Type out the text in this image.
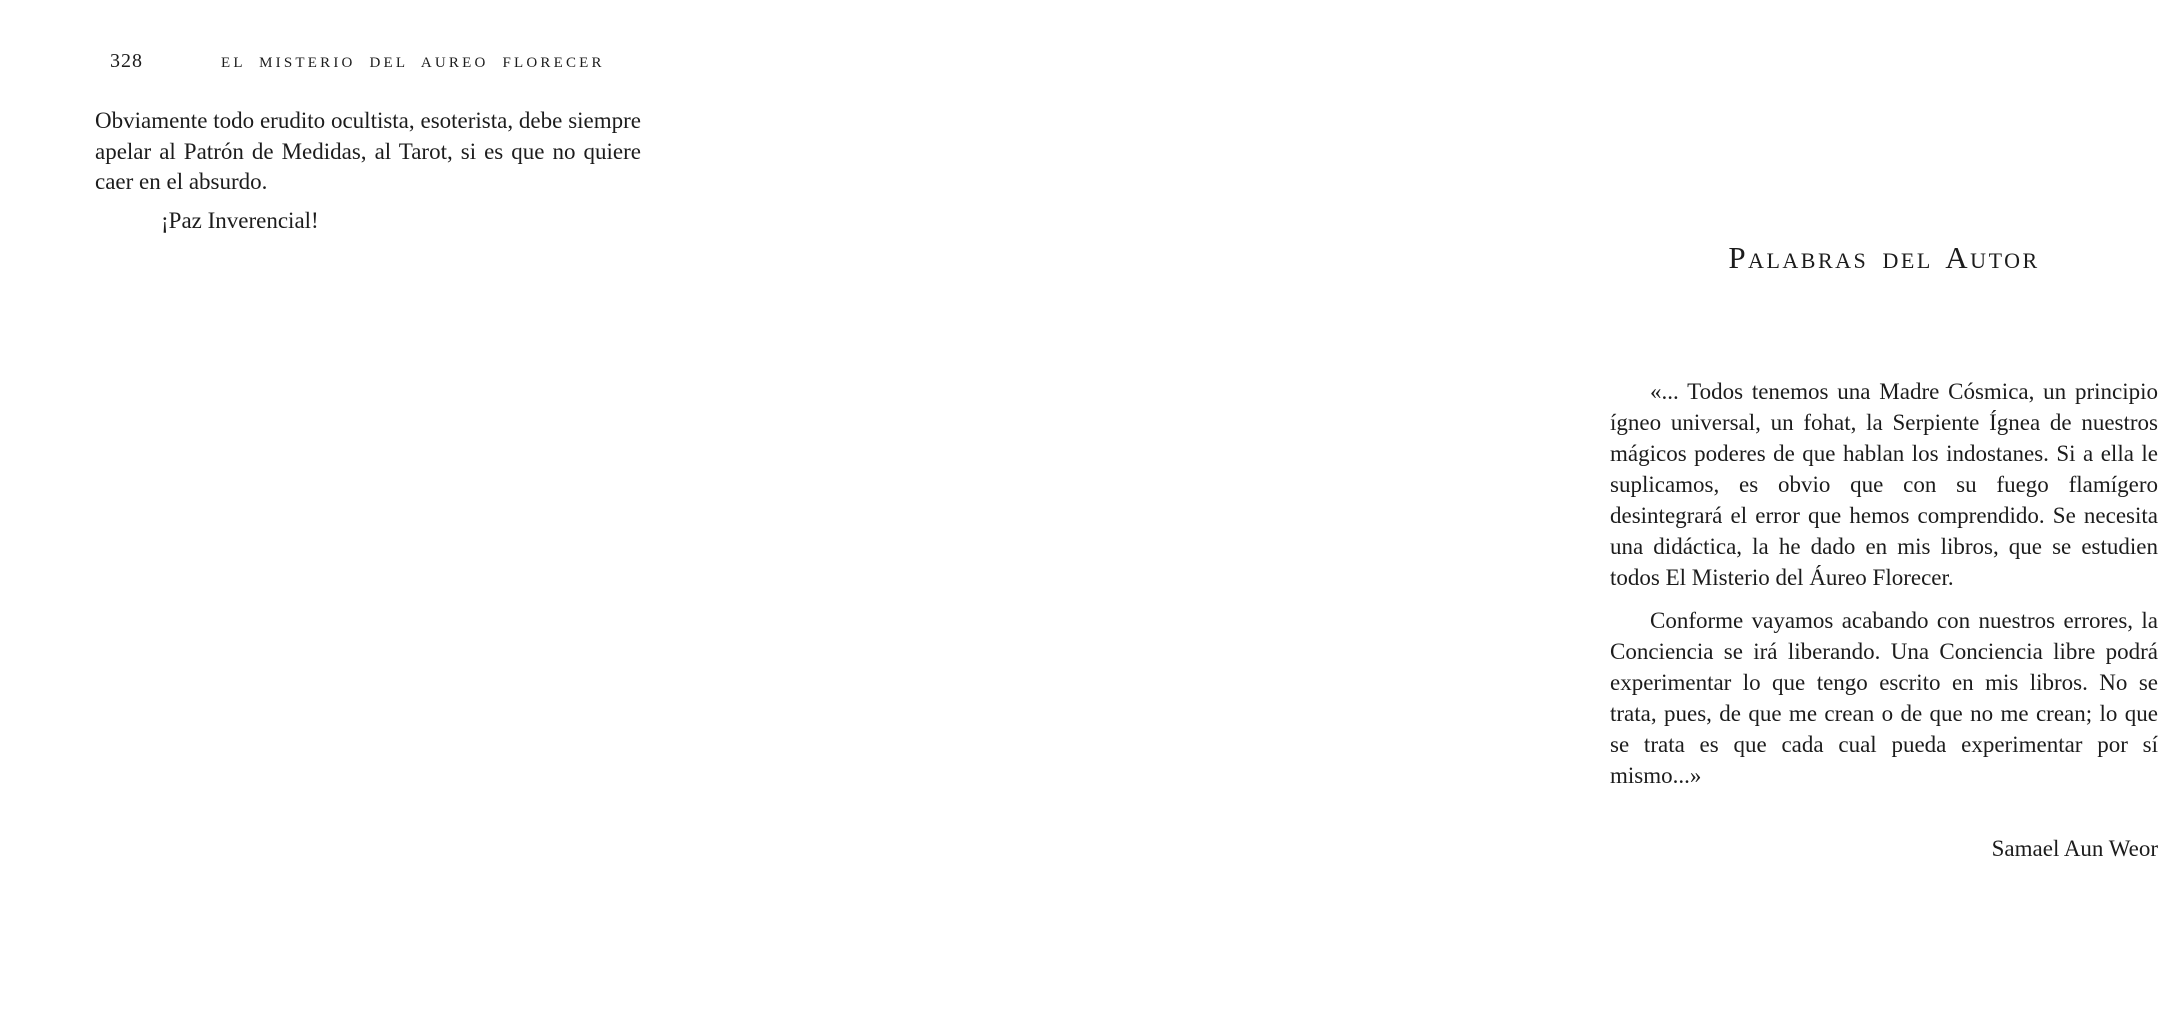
328	EL MISTERIO DEL AUREO FLORECER

Obviamente todo erudito ocultista, esoterista, debe siempre apelar al Patrón de Medidas, al Tarot, si es que no quiere caer en el absurdo.

¡Paz Inverencial!

Palabras del Autor

«... Todos tenemos una Madre Cósmica, un principio ígneo universal, un fohat, la Serpiente Ígnea de nuestros mágicos poderes de que hablan los indostanes. Si a ella le suplicamos, es obvio que con su fuego flamígero desintegrará el error que hemos comprendido. Se necesita una didáctica, la he dado en mis libros, que se estudien todos El Misterio del Áureo Florecer.

Conforme vayamos acabando con nuestros errores, la Conciencia se irá liberando. Una Conciencia libre podrá experimentar lo que tengo escrito en mis libros. No se trata, pues, de que me crean o de que no me crean; lo que se trata es que cada cual pueda experimentar por sí mismo...»

Samael Aun Weor
